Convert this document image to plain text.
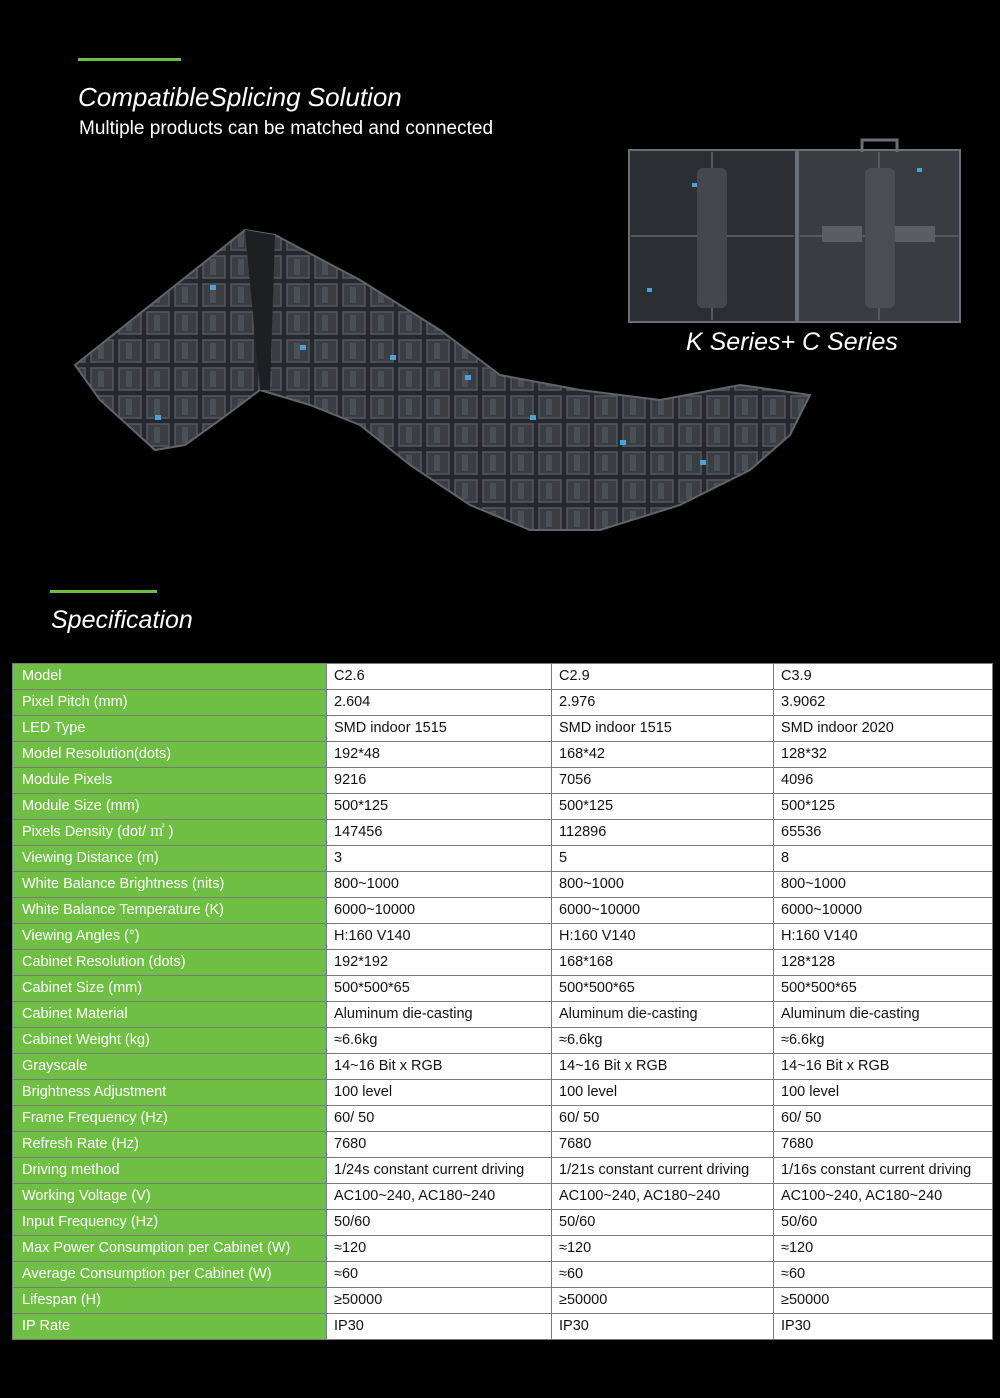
CompatibleSplicing Solution
Multiple products can be matched and connected
K Series+ C Series
Specification
Model	C2.6	C2.9	C3.9
Pixel Pitch (mm)	2.604	2.976	3.9062
LED Type	SMD indoor 1515	SMD indoor 1515	SMD indoor 2020
Model Resolution(dots)	192*48	168*42	128*32
Module Pixels	9216	7056	4096
Module Size (mm)	500*125	500*125	500*125
Pixels Density (dot/ ㎡ )	147456	112896	65536
Viewing Distance (m)	3	5	8
White Balance Brightness (nits)	800~1000	800~1000	800~1000
White Balance Temperature (K)	6000~10000	6000~10000	6000~10000
Viewing Angles (°)	H:160 V140	H:160 V140	H:160 V140
Cabinet Resolution (dots)	192*192	168*168	128*128
Cabinet Size (mm)	500*500*65	500*500*65	500*500*65
Cabinet Material	Aluminum die-casting	Aluminum die-casting	Aluminum die-casting
Cabinet Weight (kg)	≈6.6kg	≈6.6kg	≈6.6kg
Grayscale	14~16 Bit x RGB	14~16 Bit x RGB	14~16 Bit x RGB
Brightness Adjustment	100 level	100 level	100 level
Frame Frequency (Hz)	60/ 50	60/ 50	60/ 50
Refresh Rate (Hz)	7680	7680	7680
Driving method	1/24s constant current driving	1/21s constant current driving	1/16s constant current driving
Working Voltage (V)	AC100~240, AC180~240	AC100~240, AC180~240	AC100~240, AC180~240
Input Frequency (Hz)	50/60	50/60	50/60
Max Power Consumption per Cabinet (W)	≈120	≈120	≈120
Average Consumption per Cabinet (W)	≈60	≈60	≈60
Lifespan (H)	≥50000	≥50000	≥50000
IP Rate	IP30	IP30	IP30
